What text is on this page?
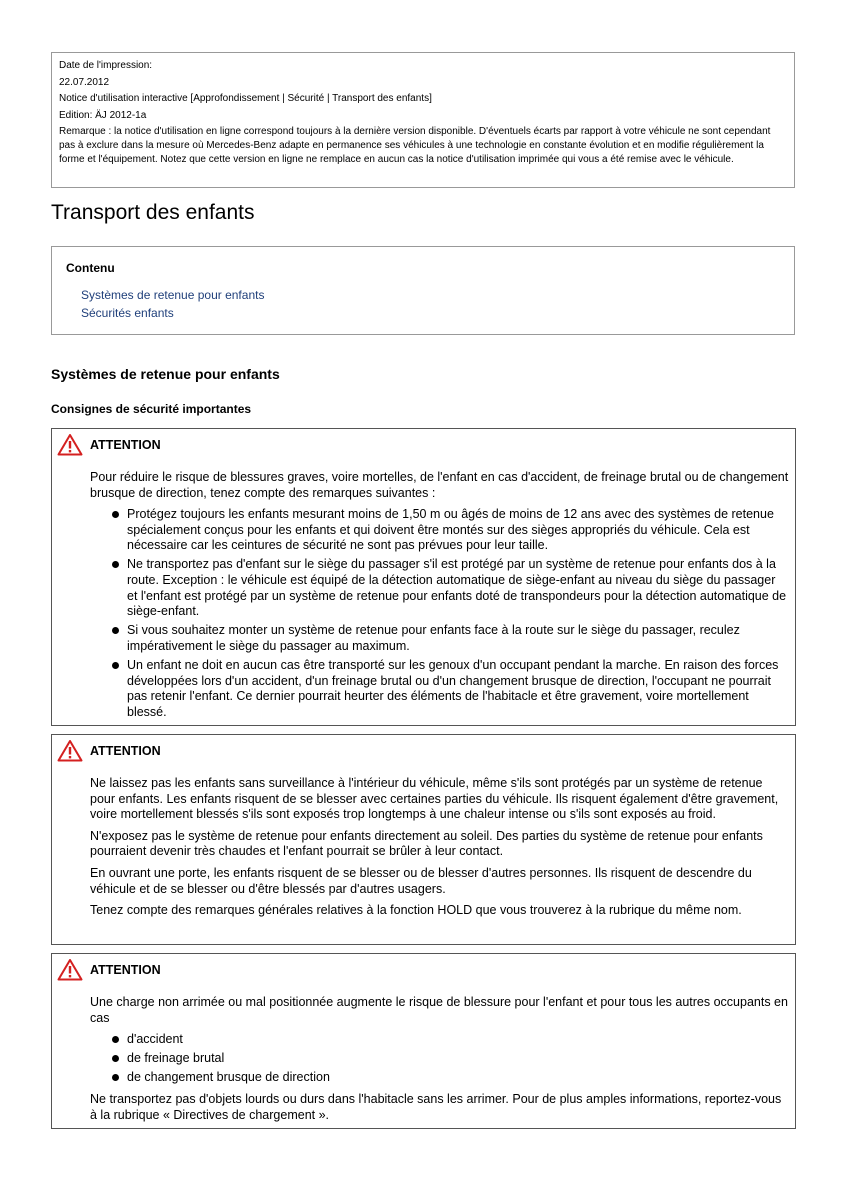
Date de l'impression:
22.07.2012
Notice d'utilisation interactive [Approfondissement | Sécurité | Transport des enfants]
Edition: ÄJ 2012-1a
Remarque : la notice d'utilisation en ligne correspond toujours à la dernière version disponible. D'éventuels écarts par rapport à votre véhicule ne sont cependant pas à exclure dans la mesure où Mercedes-Benz adapte en permanence ses véhicules à une technologie en constante évolution et en modifie régulièrement la forme et l'équipement. Notez que cette version en ligne ne remplace en aucun cas la notice d'utilisation imprimée qui vous a été remise avec le véhicule.
Transport des enfants
Contenu
Systèmes de retenue pour enfants
Sécurités enfants
Systèmes de retenue pour enfants
Consignes de sécurité importantes
ATTENTION

Pour réduire le risque de blessures graves, voire mortelles, de l'enfant en cas d'accident, de freinage brutal ou de changement brusque de direction, tenez compte des remarques suivantes :

Protégez toujours les enfants mesurant moins de 1,50 m ou âgés de moins de 12 ans avec des systèmes de retenue spécialement conçus pour les enfants et qui doivent être montés sur des sièges appropriés du véhicule. Cela est nécessaire car les ceintures de sécurité ne sont pas prévues pour leur taille.
Ne transportez pas d'enfant sur le siège du passager s'il est protégé par un système de retenue pour enfants dos à la route. Exception : le véhicule est équipé de la détection automatique de siège-enfant au niveau du siège du passager et l'enfant est protégé par un système de retenue pour enfants doté de transpondeurs pour la détection automatique de siège-enfant.
Si vous souhaitez monter un système de retenue pour enfants face à la route sur le siège du passager, reculez impérativement le siège du passager au maximum.
Un enfant ne doit en aucun cas être transporté sur les genoux d'un occupant pendant la marche. En raison des forces développées lors d'un accident, d'un freinage brutal ou d'un changement brusque de direction, l'occupant ne pourrait pas retenir l'enfant. Ce dernier pourrait heurter des éléments de l'habitacle et être gravement, voire mortellement blessé.
ATTENTION

Ne laissez pas les enfants sans surveillance à l'intérieur du véhicule, même s'ils sont protégés par un système de retenue pour enfants. Les enfants risquent de se blesser avec certaines parties du véhicule. Ils risquent également d'être gravement, voire mortellement blessés s'ils sont exposés trop longtemps à une chaleur intense ou s'ils sont exposés au froid.

N'exposez pas le système de retenue pour enfants directement au soleil. Des parties du système de retenue pour enfants pourraient devenir très chaudes et l'enfant pourrait se brûler à leur contact.

En ouvrant une porte, les enfants risquent de se blesser ou de blesser d'autres personnes. Ils risquent de descendre du véhicule et de se blesser ou d'être blessés par d'autres usagers.

Tenez compte des remarques générales relatives à la fonction HOLD que vous trouverez à la rubrique du même nom.

ATTENTION

Une charge non arrimée ou mal positionnée augmente le risque de blessure pour l'enfant et pour tous les autres occupants en cas

d'accident
de freinage brutal
de changement brusque de direction

Ne transportez pas d'objets lourds ou durs dans l'habitacle sans les arrimer. Pour de plus amples informations, reportez-vous à la rubrique « Directives de chargement ».
